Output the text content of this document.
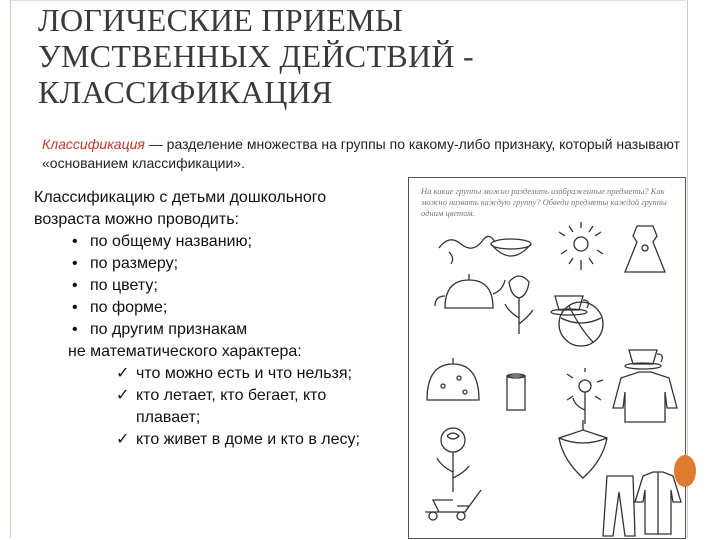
ЛОГИЧЕСКИЕ ПРИЕМЫ
УМСТВЕННЫХ ДЕЙСТВИЙ -
КЛАССИФИКАЦИЯ
Классификация — разделение множества на группы по какому-либо признаку, который называют «основанием классификации».

Классификацию с детьми дошкольного

возраста можно проводить:

• по общему названию;

• по размеру;

• по цвету;

• по форме;

• по другим признакам

не математического характера:

✓ что можно есть и что нельзя;

✓ кто летает, кто бегает, кто

плавает;

✓ кто живет в доме и кто в лесу;

На какие группы можно разделить изображенные предметы? Как можно назвать каждую группу? Обведи предметы каждой группы одним цветом.
